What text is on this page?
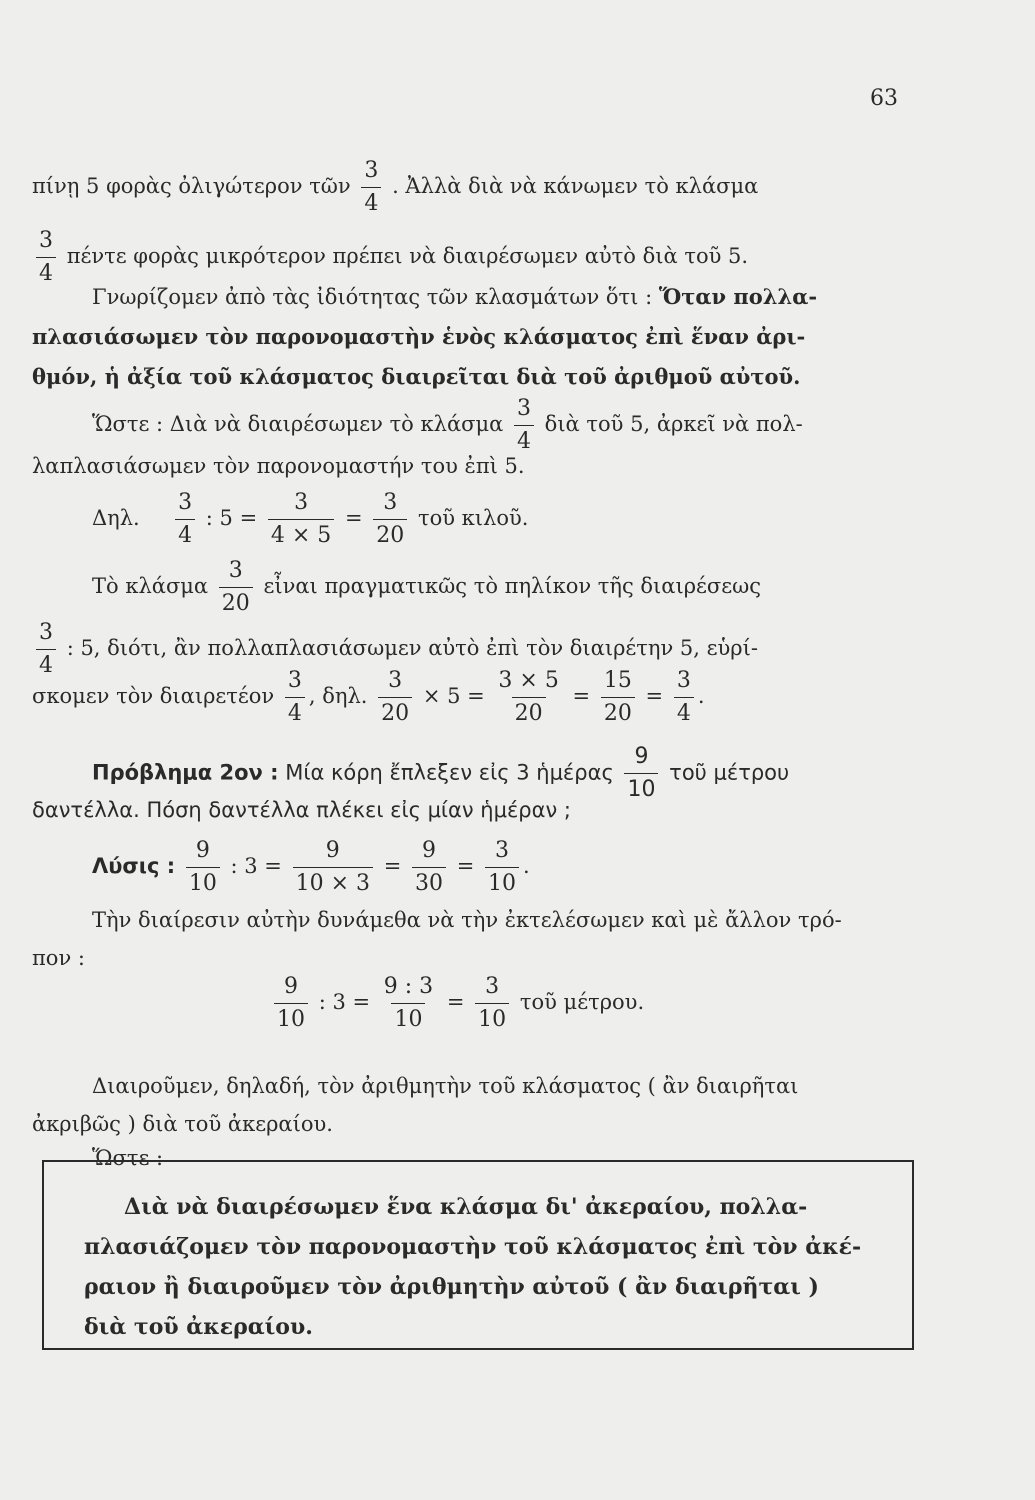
63
πίνῃ 5 φορὰς ὀλιγώτερον τῶν $\frac{3}{4}$ . Ἀλλὰ διὰ νὰ κάνωμεν τὸ κλάσμα
$\frac{3}{4}$ πέντε φορὰς μικρότερον πρέπει νὰ διαιρέσωμεν αὐτὸ διὰ τοῦ 5.
Γνωρίζομεν ἀπὸ τὰς ἰδιότητας τῶν κλασμάτων ὅτι : Ὅταν πολλα-
πλασιάσωμεν τὸν παρονομαστὴν ἑνὸς κλάσματος ἐπὶ ἕναν ἀρι-
θμόν, ἡ ἀξία τοῦ κλάσματος διαιρεῖται διὰ τοῦ ἀριθμοῦ αὐτοῦ.
Ὥστε : Διὰ νὰ διαιρέσωμεν τὸ κλάσμα $\frac{3}{4}$ διὰ τοῦ 5, ἀρκεῖ νὰ πολ-
λαπλασιάσωμεν τὸν παρονομαστήν του ἐπὶ 5.
Δηλ. $\frac{3}{4}$ : $5 = \frac{3}{4 \times 5} = \frac{3}{20}$ τοῦ κιλοῦ.
Τὸ κλάσμα $\frac{3}{20}$ εἶναι πραγματικῶς τὸ πηλίκον τῆς διαιρέσεως
$\frac{3}{4}$ : 5, διότι, ἂν πολλαπλασιάσωμεν αὐτὸ ἐπὶ τὸν διαιρέτην 5, εὑρί-
σκομεν τὸν διαιρετέον $\frac{3}{4}$ , δηλ. $\frac{3}{20} \times 5 = \frac{3 \times 5}{20} = \frac{15}{20} = \frac{3}{4}$ .
Πρόβλημα 2ον : Μία κόρη ἔπλεξεν εἰς 3 ἡμέρας $\frac{9}{10}$ τοῦ μέτρου
δαντέλλα. Πόση δαντέλλα πλέκει εἰς μίαν ἡμέραν ;
Λύσις : $\frac{9}{10}$ : $3 = \frac{9}{10 \times 3} = \frac{9}{30} = \frac{3}{10}$ .
Τὴν διαίρεσιν αὐτὴν δυνάμεθα νὰ τὴν ἐκτελέσωμεν καὶ μὲ ἄλλον τρό-
πον :
$\frac{9}{10}$ : $3 = \frac{9 : 3}{10} = \frac{3}{10}$ τοῦ μέτρου.
Διαιροῦμεν, δηλαδή, τὸν ἀριθμητὴν τοῦ κλάσματος ( ἂν διαιρῆται
ἀκριβῶς ) διὰ τοῦ ἀκεραίου.
Ὥστε :
Διὰ νὰ διαιρέσωμεν ἕνα κλάσμα δι' ἀκεραίου, πολλα-
πλασιάζομεν τὸν παρονομαστὴν τοῦ κλάσματος ἐπὶ τὸν ἀκέ-
ραιον ἢ διαιροῦμεν τὸν ἀριθμητὴν αὐτοῦ ( ἂν διαιρῆται )
διὰ τοῦ ἀκεραίου.
